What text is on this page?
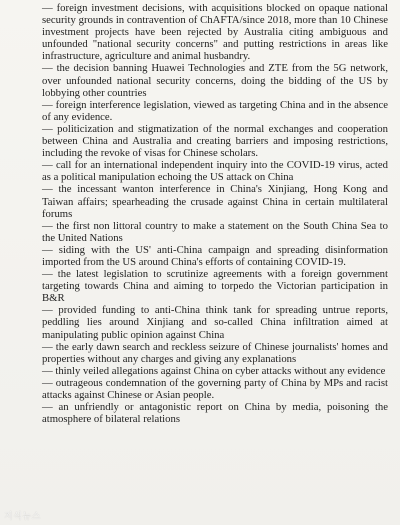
— foreign investment decisions, with acquisitions blocked on opaque national security grounds in contravention of ChAFTA/since 2018, more than 10 Chinese investment projects have been rejected by Australia citing ambiguous and unfounded "national security concerns" and putting restrictions in areas like infrastructure, agriculture and animal husbandry.

— the decision banning Huawei Technologies and ZTE from the 5G network, over unfounded national security concerns, doing the bidding of the US by lobbying other countries

— foreign interference legislation, viewed as targeting China and in the absence of any evidence.

— politicization and stigmatization of the normal exchanges and cooperation between China and Australia and creating barriers and imposing restrictions, including the revoke of visas for Chinese scholars.

— call for an international independent inquiry into the COVID-19 virus, acted as a political manipulation echoing the US attack on China

— the incessant wanton interference in China's Xinjiang, Hong Kong and Taiwan affairs; spearheading the crusade against China in certain multilateral forums

— the first non littoral country to make a statement on the South China Sea to the United Nations

— siding with the US' anti-China campaign and spreading disinformation imported from the US around China's efforts of containing COVID-19.

— the latest legislation to scrutinize agreements with a foreign government targeting towards China and aiming to torpedo the Victorian participation in B&R

— provided funding to anti-China think tank for spreading untrue reports, peddling lies around Xinjiang and so-called China infiltration aimed at manipulating public opinion against China

— the early dawn search and reckless seizure of Chinese journalists' homes and properties without any charges and giving any explanations

— thinly veiled allegations against China on cyber attacks without any evidence

— outrageous condemnation of the governing party of China by MPs and racist attacks against Chinese or Asian people.

— an unfriendly or antagonistic report on China by media, poisoning the atmosphere of bilateral relations

지식뉴스
